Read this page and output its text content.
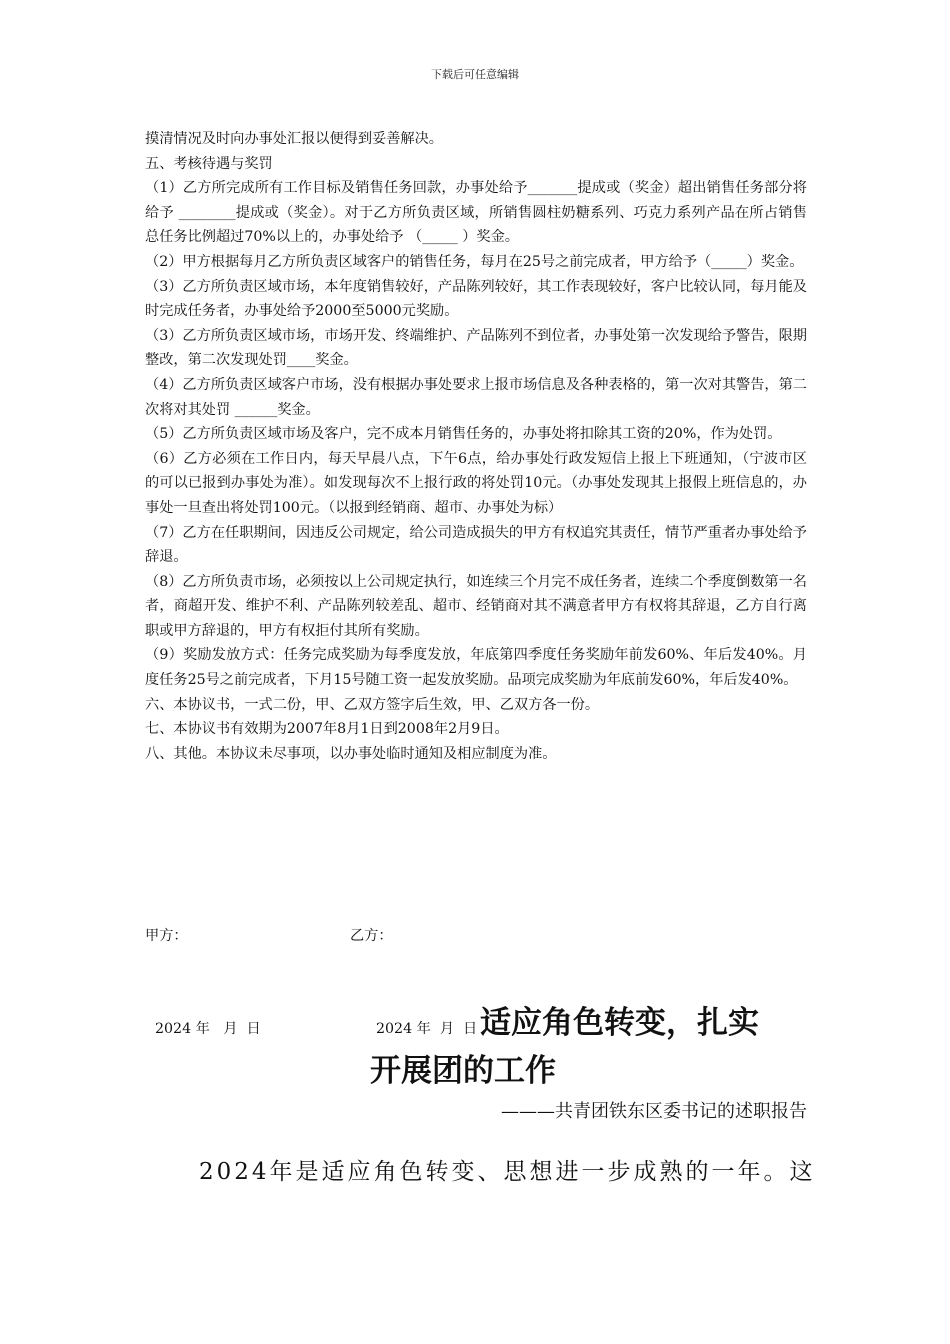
下载后可任意编辑

摸清情况及时向办事处汇报以便得到妥善解决。

五、考核待遇与奖罚

（1）乙方所完成所有工作目标及销售任务回款，办事处给予_______提成或（奖金）超出销售任务部分将给予 ________提成或（奖金）。对于乙方所负责区域，所销售圆柱奶糖系列、巧克力系列产品在所占销售总任务比例超过70%以上的，办事处给予 （_____ ）奖金。

（2）甲方根据每月乙方所负责区域客户的销售任务，每月在25号之前完成者，甲方给予（_____）奖金。

（3）乙方所负责区域市场，本年度销售较好，产品陈列较好，其工作表现较好，客户比较认同，每月能及时完成任务者，办事处给予2000至5000元奖励。

（3）乙方所负责区域市场，市场开发、终端维护、产品陈列不到位者，办事处第一次发现给予警告，限期整改，第二次发现处罚____奖金。

（4）乙方所负责区域客户市场，没有根据办事处要求上报市场信息及各种表格的，第一次对其警告，第二次将对其处罚 ______奖金。

（5）乙方所负责区域市场及客户，完不成本月销售任务的，办事处将扣除其工资的20%，作为处罚。

（6）乙方必须在工作日内，每天早晨八点，下午6点，给办事处行政发短信上报上下班通知，（宁波市区的可以已报到办事处为准）。如发现每次不上报行政的将处罚10元。（办事处发现其上报假上班信息的，办事处一旦查出将处罚100元。（以报到经销商、超市、办事处为标）

（7）乙方在任职期间，因违反公司规定，给公司造成损失的甲方有权追究其责任，情节严重者办事处给予辞退。

（8）乙方所负责市场，必须按以上公司规定执行，如连续三个月完不成任务者，连续二个季度倒数第一名者，商超开发、维护不利、产品陈列较差乱、超市、经销商对其不满意者甲方有权将其辞退，乙方自行离职或甲方辞退的，甲方有权拒付其所有奖励。

（9）奖励发放方式：任务完成奖励为每季度发放，年底第四季度任务奖励年前发60%、年后发40%。月度任务25号之前完成者，下月15号随工资一起发放奖励。品项完成奖励为年底前发60%，年后发40%。

六、本协议书，一式二份，甲、乙双方签字后生效，甲、乙双方各一份。

七、本协议书有效期为2007年8月1日到2008年2月9日。

八、其他。本协议未尽事项，以办事处临时通知及相应制度为准。

甲方：	乙方：
2024 年   月  日	2024 年  月  日 适应角色转变，扎实
开展团的工作
———共青团铁东区委书记的述职报告
2024年是适应角色转变、思想进一步成熟的一年。这
